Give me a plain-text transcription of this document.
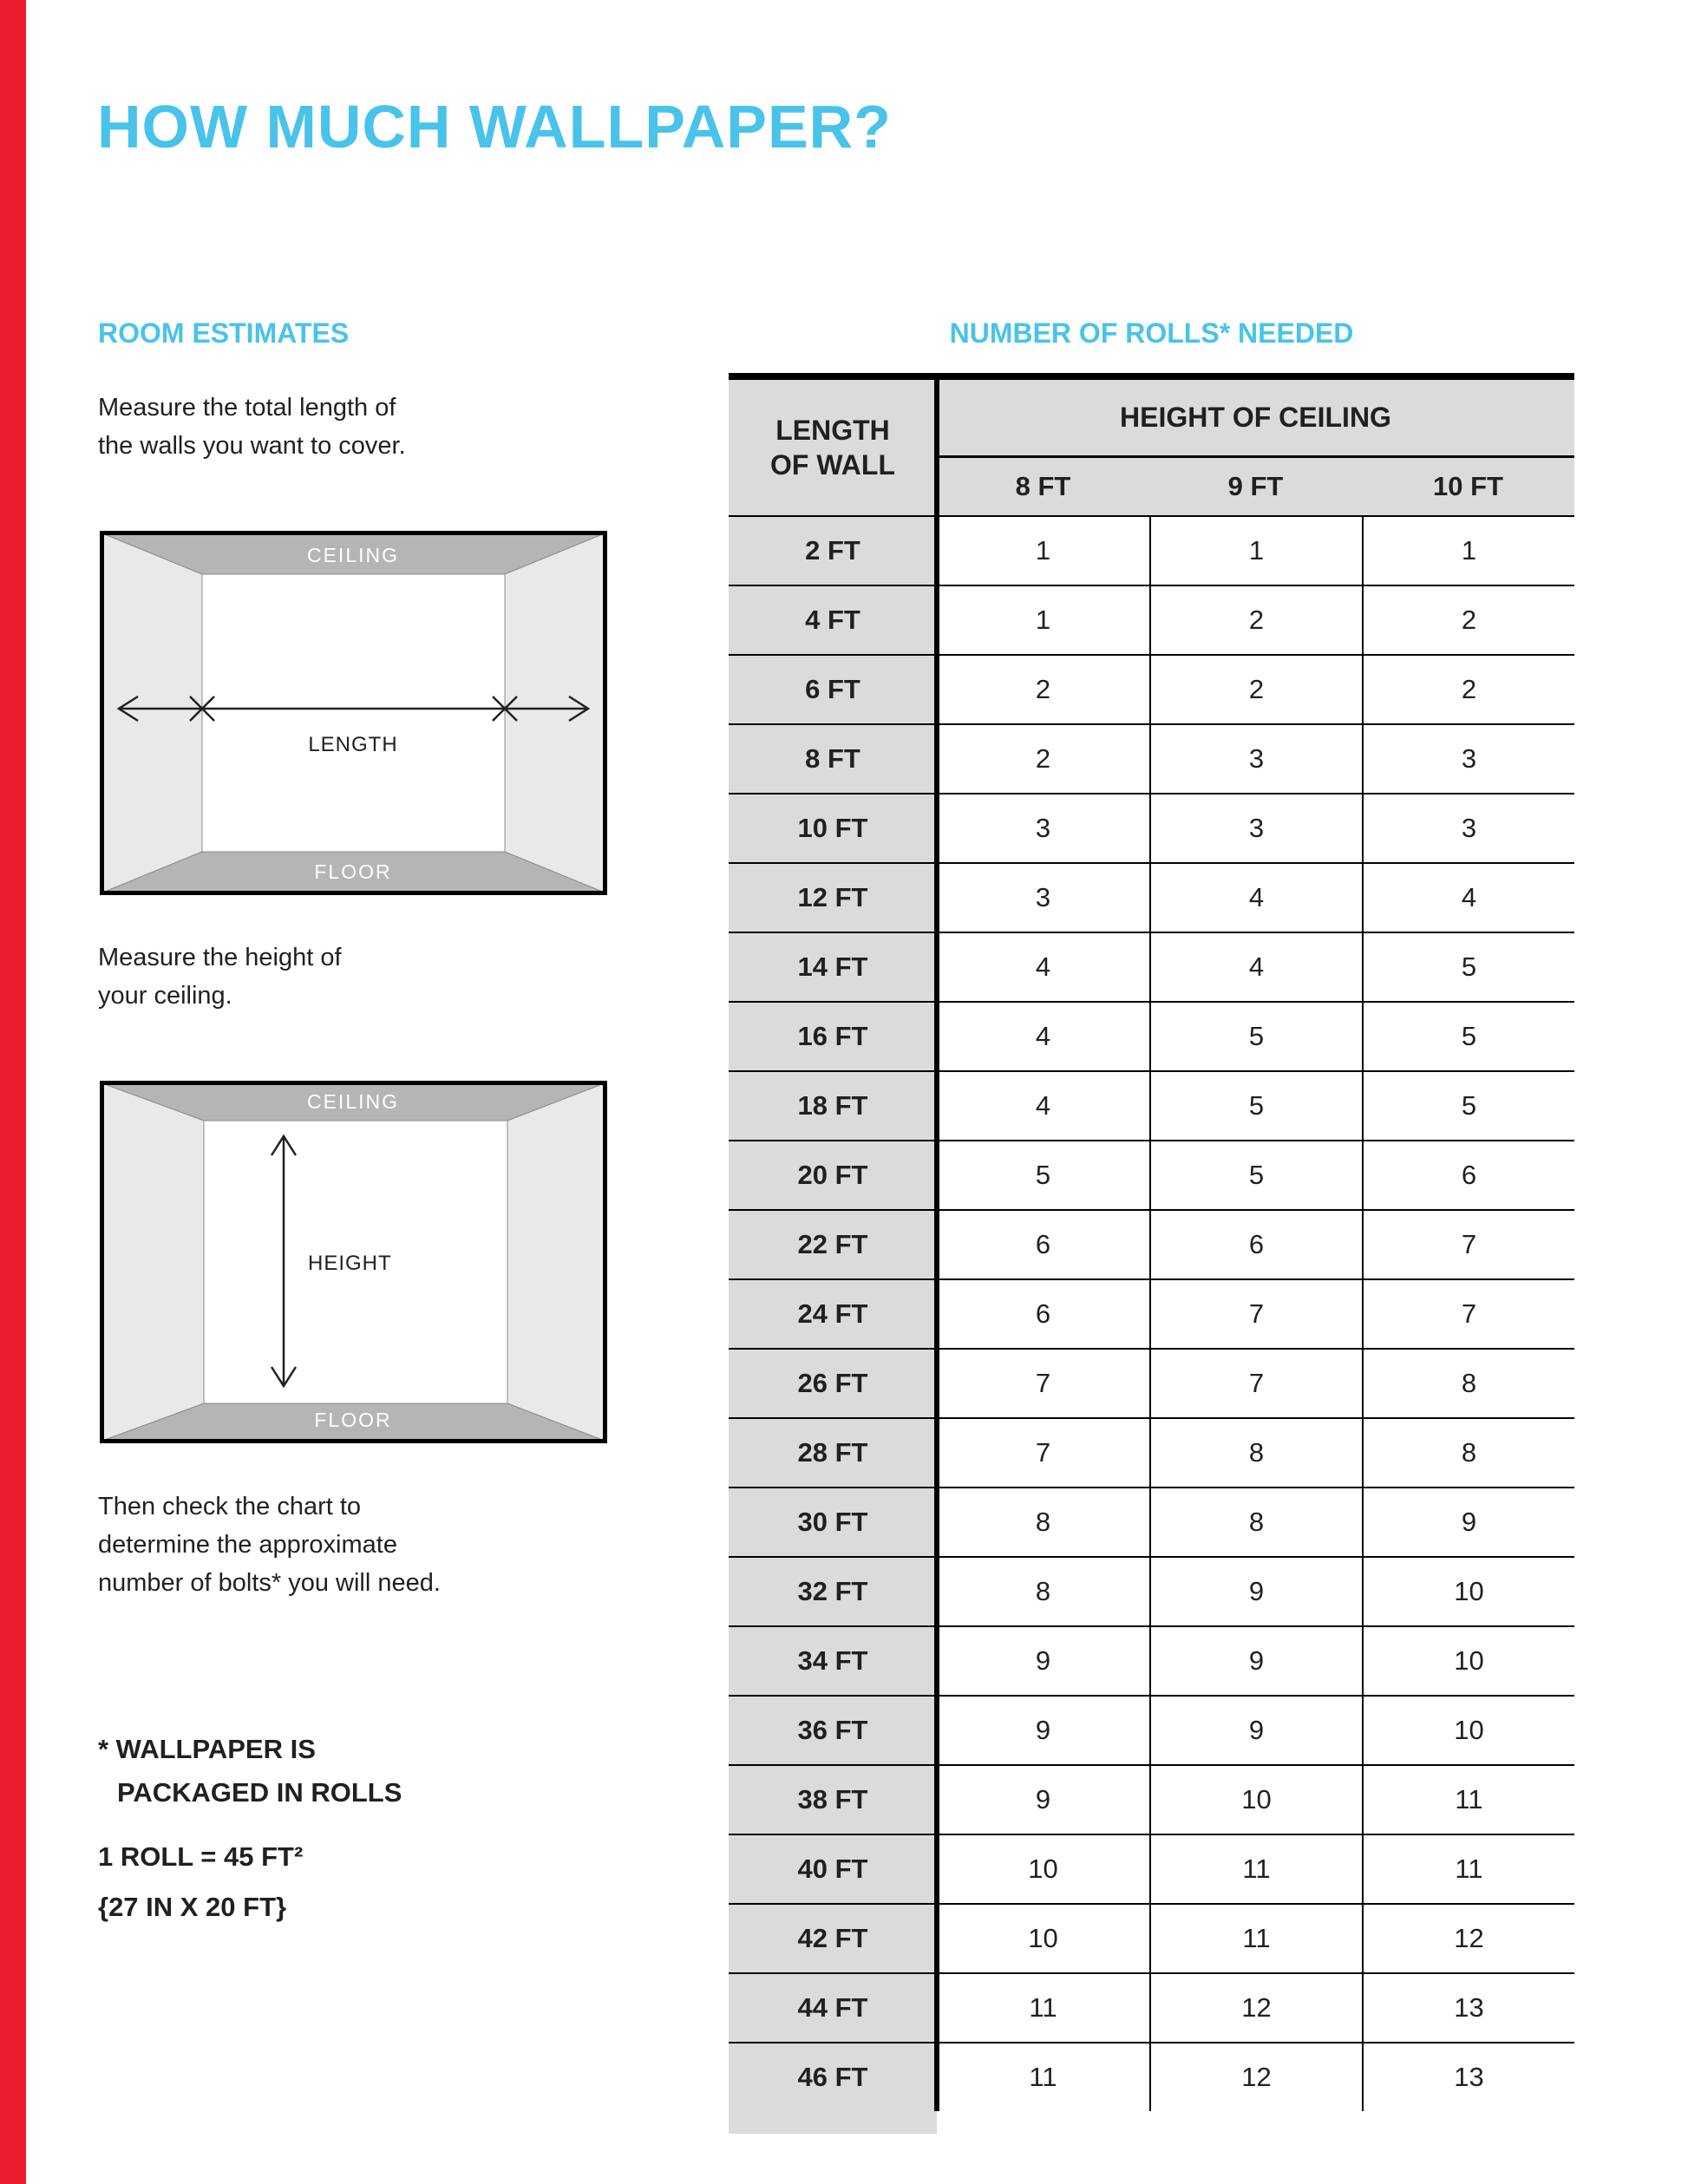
HOW MUCH WALLPAPER?
ROOM ESTIMATES	NUMBER OF ROLLS* NEEDED

Measure the total length of
the walls you want to cover.

CEILING
FLOOR
LENGTH

Measure the height of
your ceiling.

CEILING
FLOOR
HEIGHT

Then check the chart to
determine the approximate
number of bolts* you will need.

* WALLPAPER IS
PACKAGED IN ROLLS
1 ROLL = 45 FT²
{27 IN X 20 FT}
LENGTH
OF WALL
HEIGHT OF CEILING
8 FT	9 FT	10 FT
2 FT	1	1	1
4 FT	1	2	2
6 FT	2	2	2
8 FT	2	3	3
10 FT	3	3	3
12 FT	3	4	4
14 FT	4	4	5
16 FT	4	5	5
18 FT	4	5	5
20 FT	5	5	6
22 FT	6	6	7
24 FT	6	7	7
26 FT	7	7	8
28 FT	7	8	8
30 FT	8	8	9
32 FT	8	9	10
34 FT	9	9	10
36 FT	9	9	10
38 FT	9	10	11
40 FT	10	11	11
42 FT	10	11	12
44 FT	11	12	13
46 FT	11	12	13
